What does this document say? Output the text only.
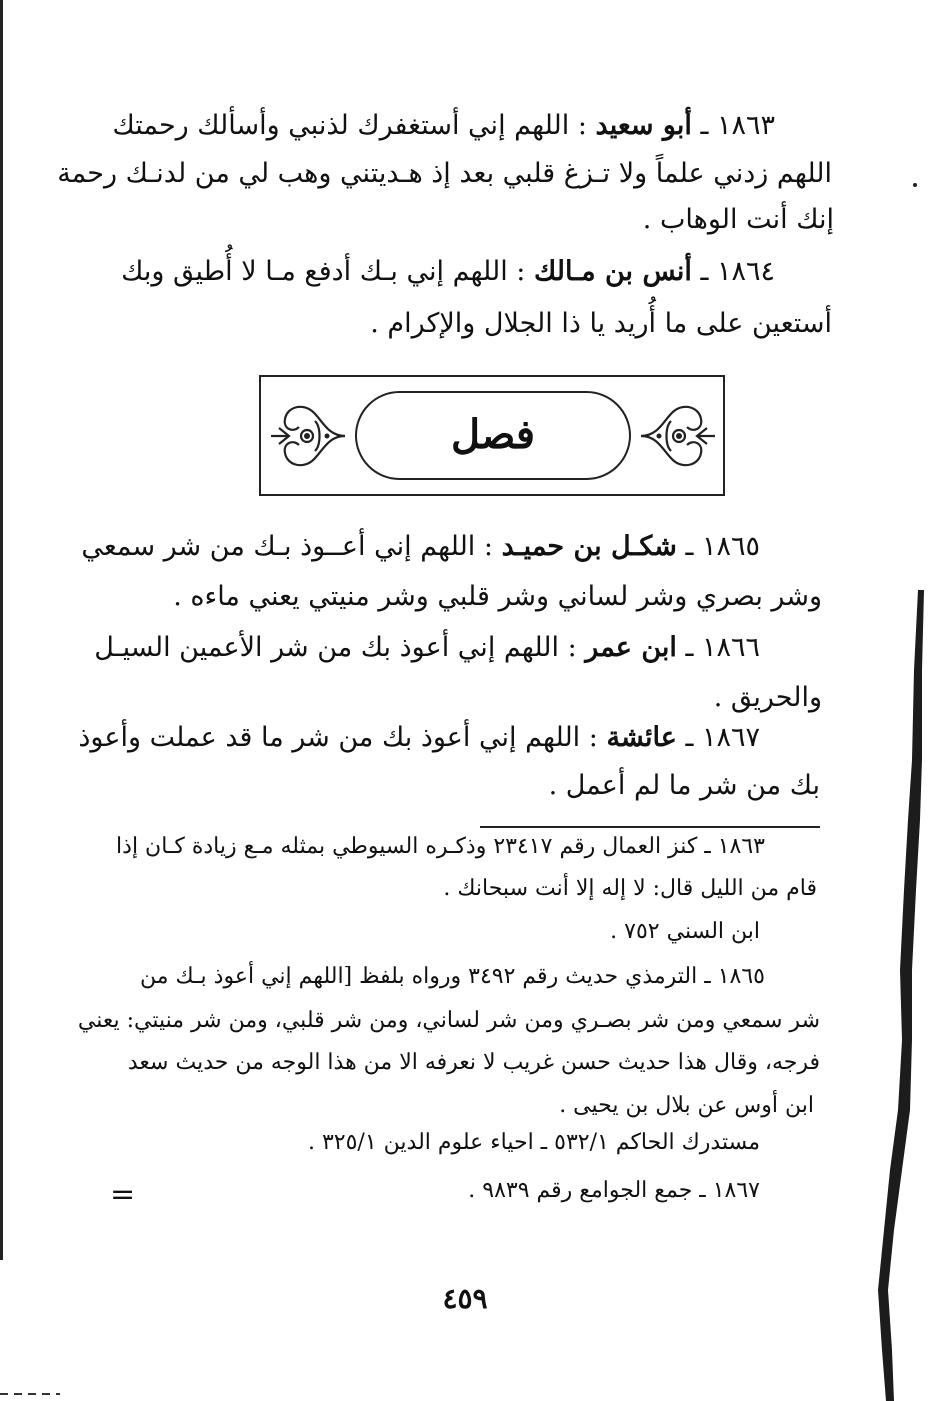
١٨٦٣ ـ أبو سعيد : اللهم إني أستغفرك لذنبي وأسألك رحمتك
اللهم زدني علماً ولا تـزغ قلبي بعد إذ هـديتني وهب لي من لدنـك رحمة
إنك أنت الوهاب .
١٨٦٤ ـ أنس بن مـالك : اللهم إني بـك أدفع مـا لا أُطيق وبك
أستعين على ما أُريد يا ذا الجلال والإكرام .
فصل
١٨٦٥ ـ شكـل بن حميـد : اللهم إني أعــوذ بـك من شر سمعي
وشر بصري وشر لساني وشر قلبي وشر منيتي يعني ماءه .
١٨٦٦ ـ ابن عمر : اللهم إني أعوذ بك من شر الأعمين السيـل
والحريق .
١٨٦٧ ـ عائشة : اللهم إني أعوذ بك من شر ما قد عملت وأعوذ
بك من شر ما لم أعمل .
١٨٦٣ ـ كنز العمال رقم ٢٣٤١٧ وذكـره السيوطي بمثله مـع زيادة كـان إذا
قام من الليل قال: لا إله إلا أنت سبحانك .
ابن السني ٧٥٢ .
١٨٦٥ ـ الترمذي حديث رقم ٣٤٩٢ ورواه بلفظ [اللهم إني أعوذ بـك من
شر سمعي ومن شر بصـري ومن شر لساني، ومن شر قلبي، ومن شر منيتي: يعني
فرجه، وقال هذا حديث حسن غريب لا نعرفه الا من هذا الوجه من حديث سعد
ابن أوس عن بلال بن يحيى .
مستدرك الحاكم ٥٣٢/١ ـ احياء علوم الدين ٣٢٥/١ .
١٨٦٧ ـ جمع الجوامع رقم ٩٨٣٩ .
=
٤٥٩
